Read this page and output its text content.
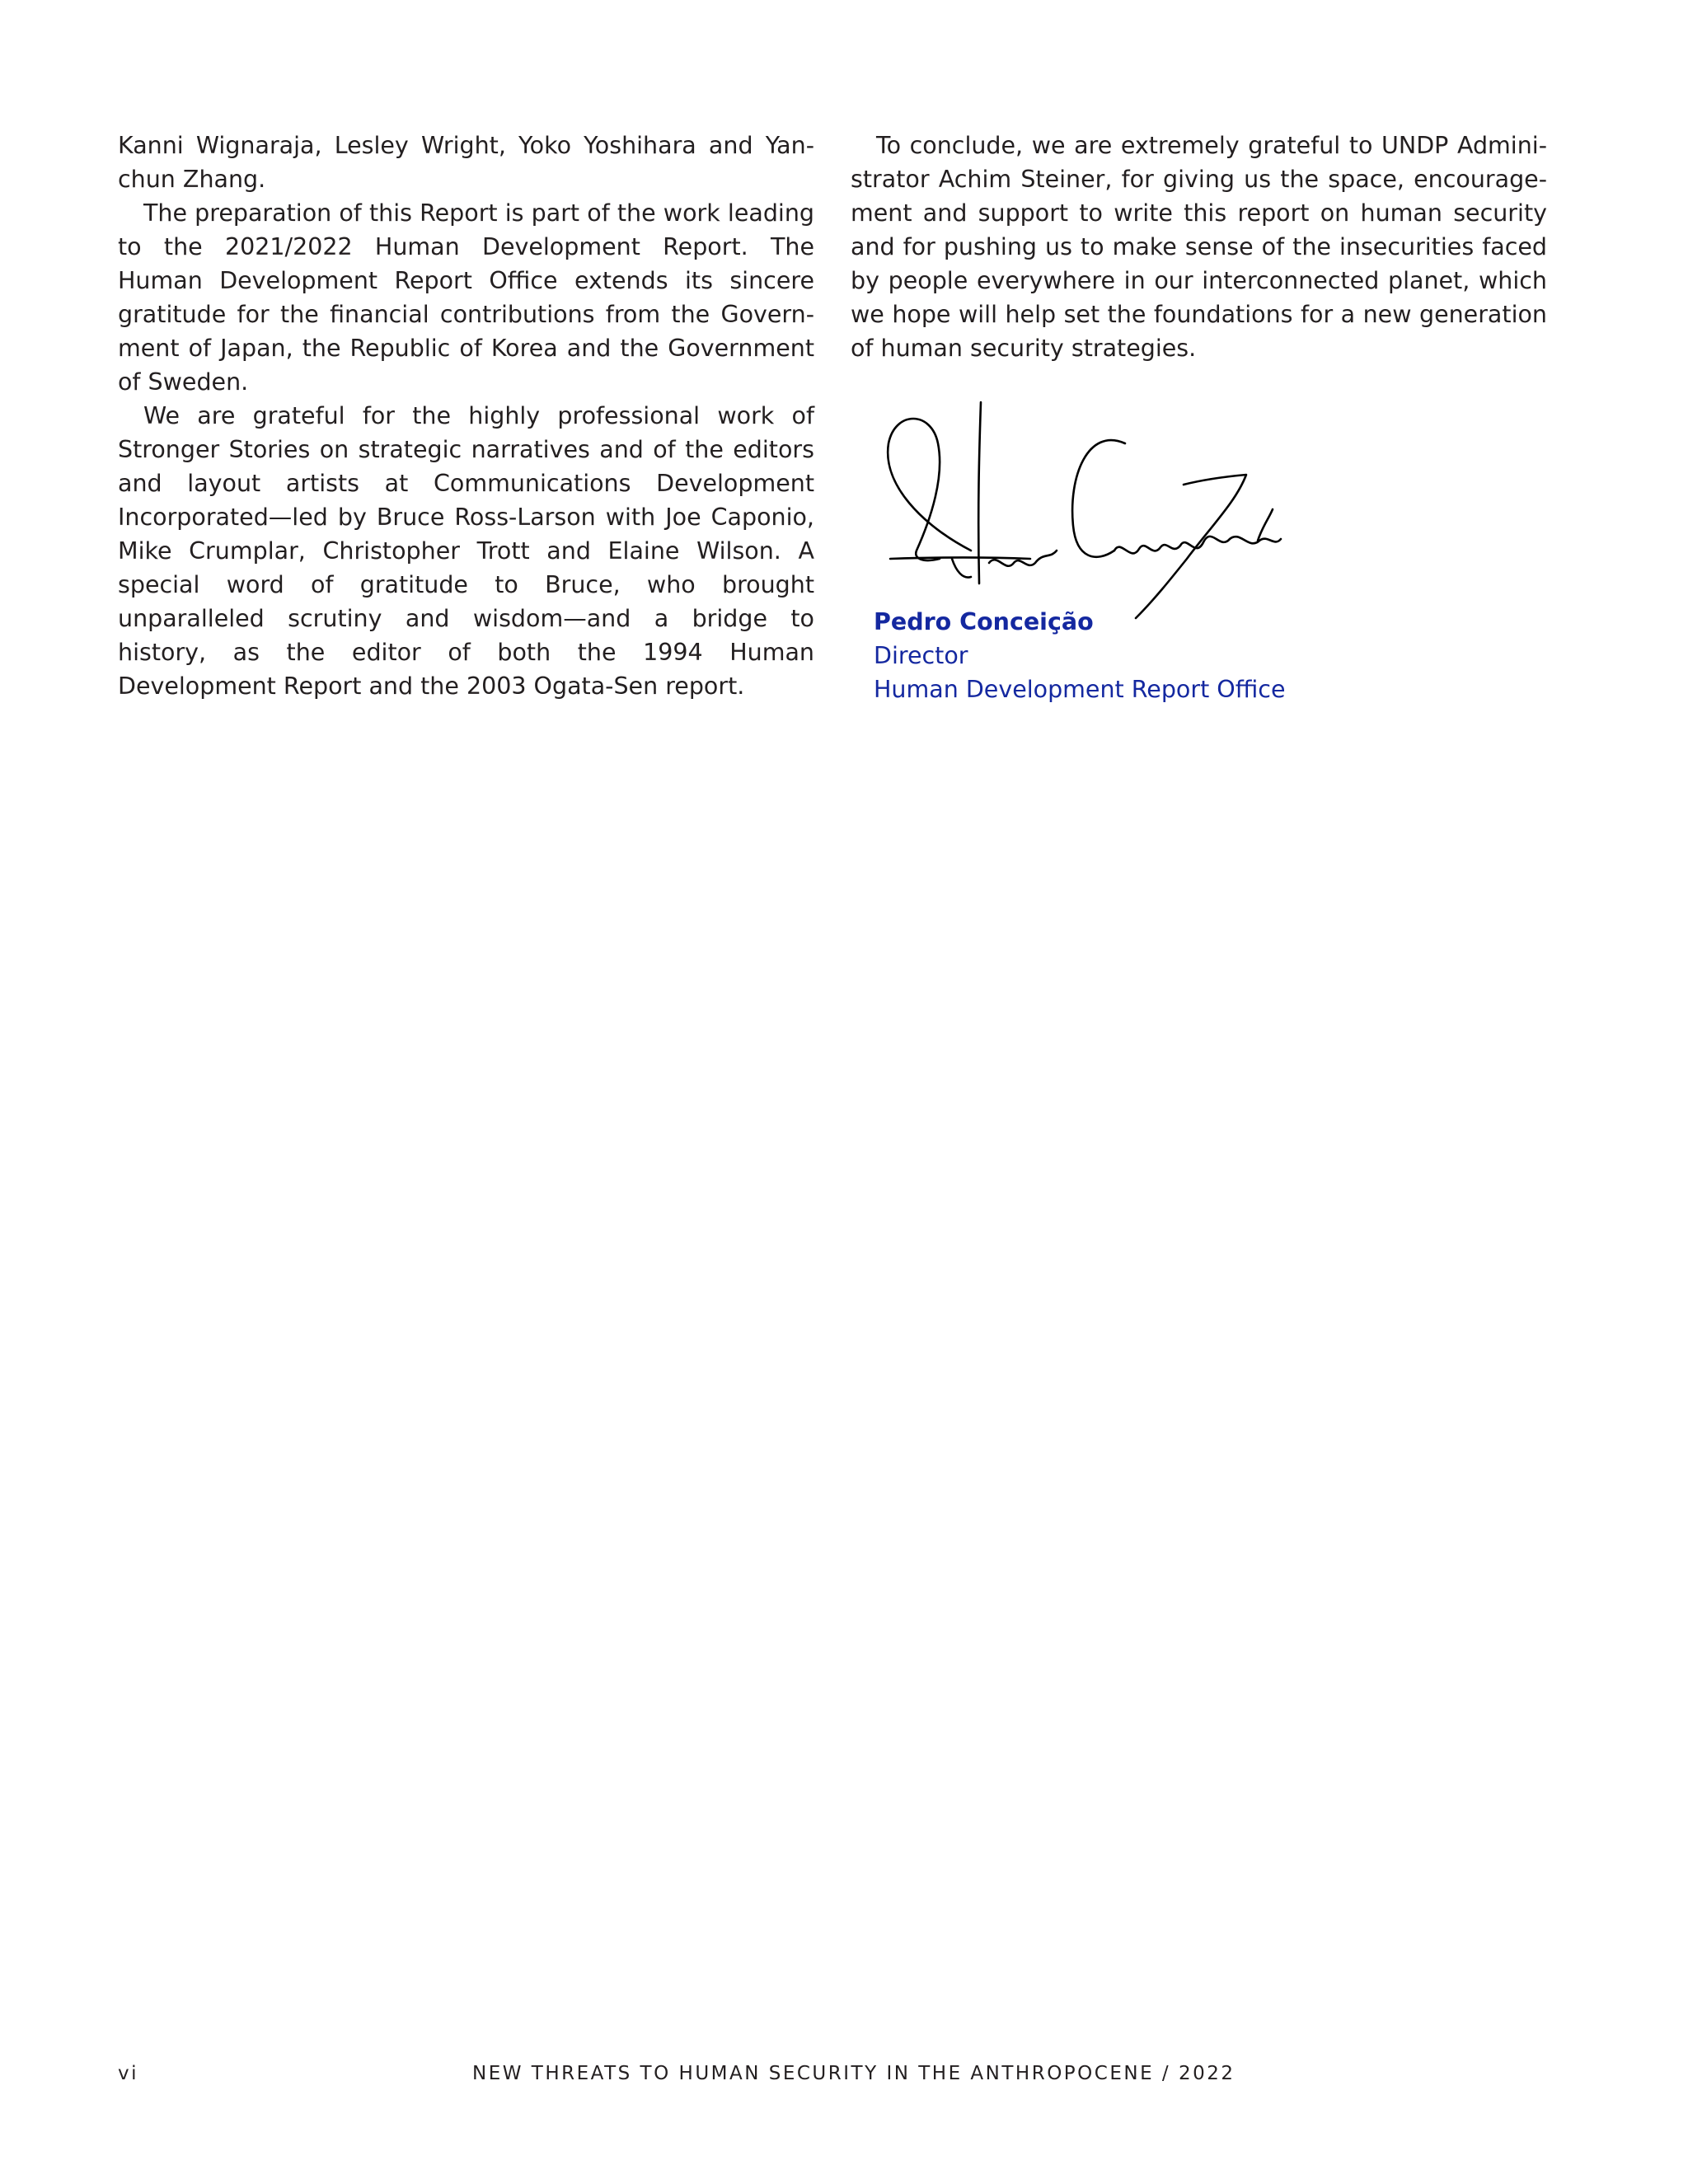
Kanni Wignaraja, Lesley Wright, Yoko Yoshihara and Yanchun Zhang.

The preparation of this Report is part of the work leading to the 2021/2022 Human Development Report. The Human Development Report Office extends its sincere gratitude for the financial contributions from the Government of Japan, the Republic of Korea and the Government of Sweden.

We are grateful for the highly professional work of Stronger Stories on strategic narratives and of the editors and layout artists at Communications Development Incorporated—led by Bruce Ross-Larson with Joe Caponio, Mike Crumplar, Christopher Trott and Elaine Wilson. A special word of gratitude to Bruce, who brought unparalleled scrutiny and wisdom—and a bridge to history, as the editor of both the 1994 Human Development Report and the 2003 Ogata-Sen report.

To conclude, we are extremely grateful to UNDP Administrator Achim Steiner, for giving us the space, encouragement and support to write this report on human security and for pushing us to make sense of the insecurities faced by people everywhere in our interconnected planet, which we hope will help set the foundations for a new generation of human security strategies.

Pedro Conceição
Director
Human Development Report Office
vi	NEW THREATS TO HUMAN SECURITY IN THE ANTHROPOCENE / 2022
